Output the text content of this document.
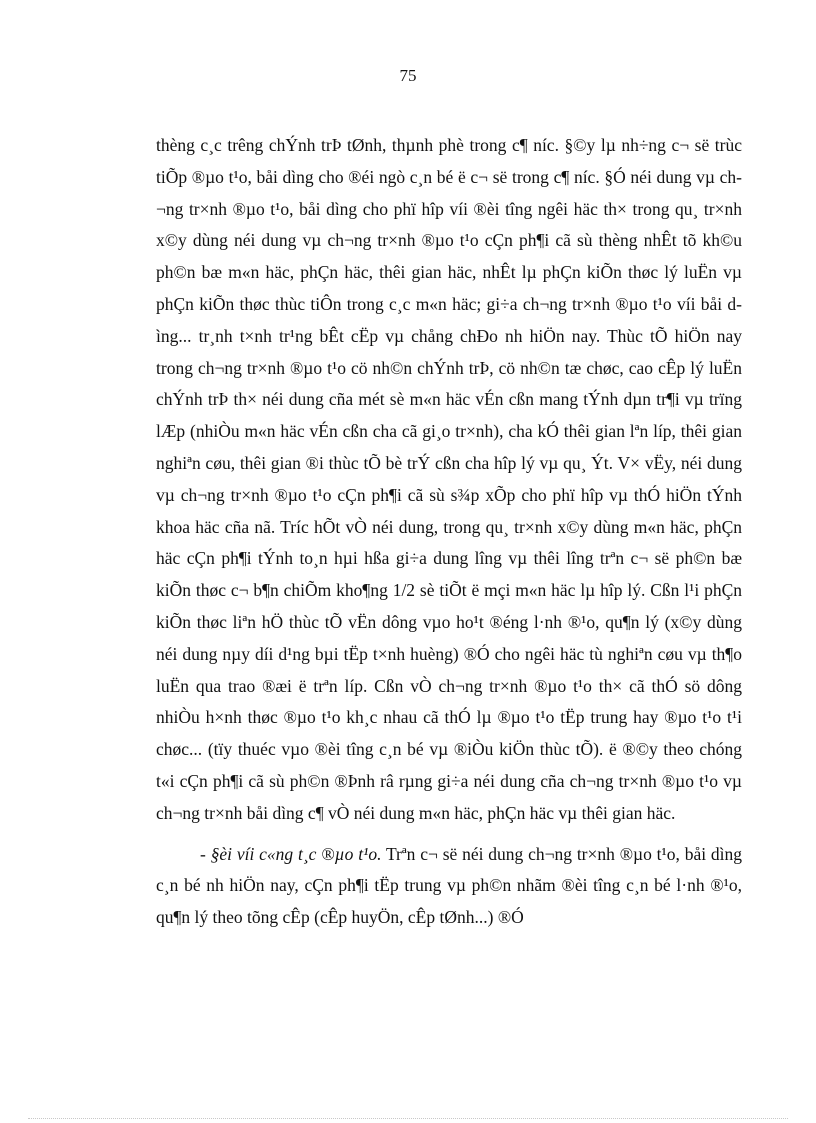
75

thèng c¸c trêng chÝnh trÞ tØnh, thµnh phè trong c¶ níc. §©y lµ nh÷ng c¬ së trùc tiÕp ®µo t¹o, båi dìng cho ®éi ngò c¸n bé ë c¬ së trong c¶ níc. §Ó néi dung vµ ch¬ng tr×nh ®µo t¹o, båi dìng cho phï hîp víi ®èi tîng ngêi häc th× trong qu¸ tr×nh x©y dùng néi dung vµ ch¬ng tr×nh ®µo t¹o cÇn ph¶i cã sù thèng nhÊt tõ kh©u ph©n bæ m«n häc, phÇn häc, thêi gian häc, nhÊt lµ phÇn kiÕn thøc lý luËn vµ phÇn kiÕn thøc thùc tiÔn trong c¸c m«n häc; gi÷a ch¬ng tr×nh ®µo t¹o víi båi dìng... tr¸nh t×nh tr¹ng bÊt cËp vµ chång chÐo nh hiÖn nay. Thùc tÕ hiÖn nay trong ch¬ng tr×nh ®µo t¹o cö nh©n chÝnh trÞ, cö nh©n tæ chøc, cao cÊp lý luËn chÝnh trÞ th× néi dung cña mét sè m«n häc vÉn cßn mang tÝnh dµn tr¶i vµ trïng lÆp (nhiÒu m«n häc vÉn cßn cha cã gi¸o tr×nh), cha kÓ thêi gian lªn líp, thêi gian nghiªn cøu, thêi gian ®i thùc tÕ bè trÝ cßn cha hîp lý vµ qu¸ Ýt. V× vËy, néi dung vµ ch¬ng tr×nh ®µo t¹o cÇn ph¶i cã sù s¾p xÕp cho phï hîp vµ thÓ hiÖn tÝnh khoa häc cña nã. Tríc hÕt vÒ néi dung, trong qu¸ tr×nh x©y dùng m«n häc, phÇn häc cÇn ph¶i tÝnh to¸n hµi hßa gi÷a dung lîng vµ thêi lîng trªn c¬ së ph©n bæ kiÕn thøc c¬ b¶n chiÕm kho¶ng 1/2 sè tiÕt ë mçi m«n häc lµ hîp lý. Cßn l¹i phÇn kiÕn thøc liªn hÖ thùc tÕ vËn dông vµo ho¹t ®éng l·nh ®¹o, qu¶n lý (x©y dùng néi dung nµy díi d¹ng bµi tËp t×nh huèng) ®Ó cho ngêi häc tù nghiªn cøu vµ th¶o luËn qua trao ®æi ë trªn líp. Cßn vÒ ch¬ng tr×nh ®µo t¹o th× cã thÓ sö dông nhiÒu h×nh thøc ®µo t¹o kh¸c nhau cã thÓ lµ ®µo t¹o tËp trung hay ®µo t¹o t¹i chøc... (tïy thuéc vµo ®èi tîng c¸n bé vµ ®iÒu kiÖn thùc tÕ). ë ®©y theo chóng t«i cÇn ph¶i cã sù ph©n ®Þnh râ rµng gi÷a néi dung cña ch¬ng tr×nh ®µo t¹o vµ ch¬ng tr×nh båi dìng c¶ vÒ néi dung m«n häc, phÇn häc vµ thêi gian häc.

- §èi víi c«ng t¸c ®µo t¹o. Trªn c¬ së néi dung ch¬ng tr×nh ®µo t¹o, båi dìng c¸n bé nh hiÖn nay, cÇn ph¶i tËp trung vµ ph©n nhãm ®èi tîng c¸n bé l·nh ®¹o, qu¶n lý theo tõng cÊp (cÊp huyÖn, cÊp tØnh...) ®Ó
